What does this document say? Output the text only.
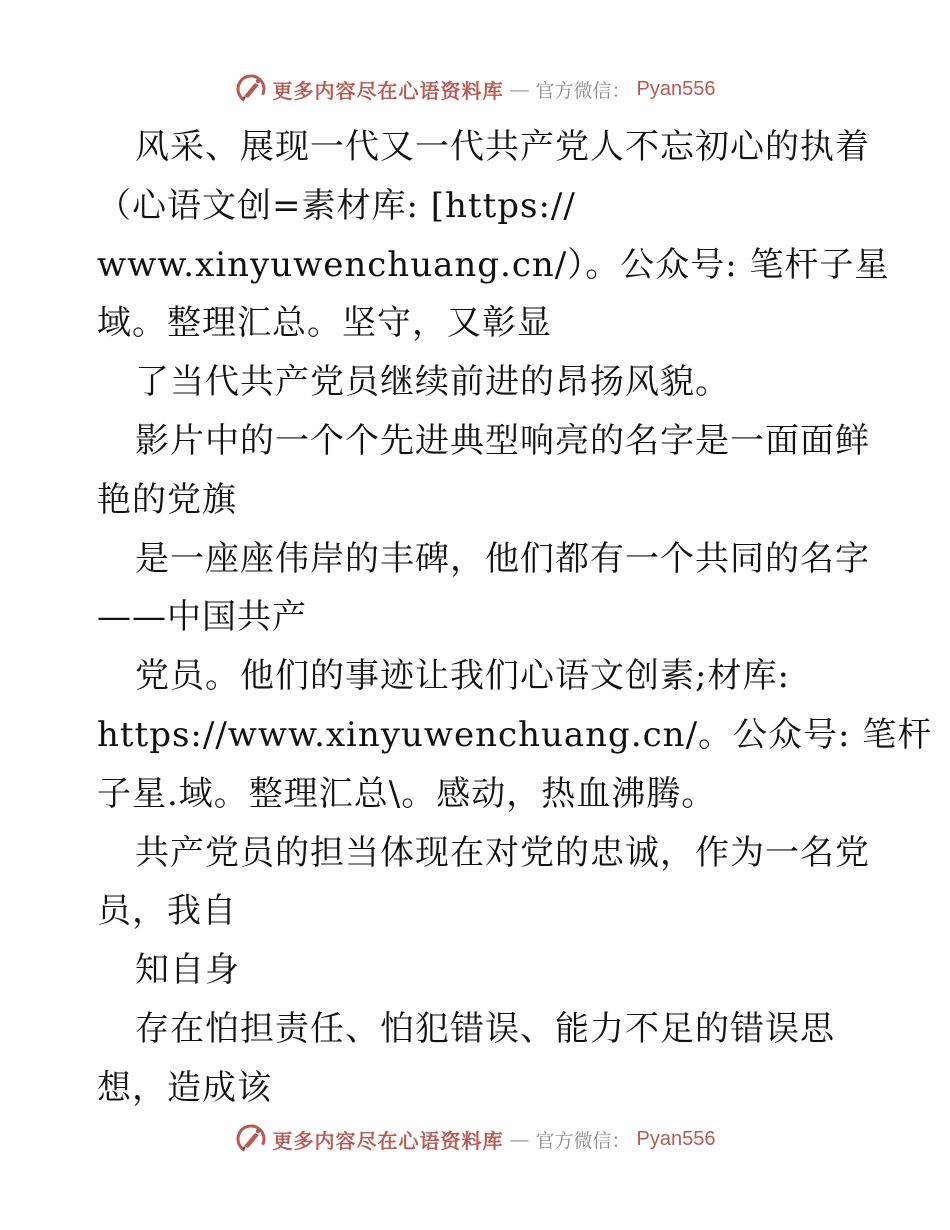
更多内容尽在心语资料库 — 官方微信： Pyan556
风采、展现一代又一代共产党人不忘初心的执着
（心语文创=素材库: [https://
www.xinyuwenchuang.cn/）。公众号: 笔杆子星
域。整理汇总。坚守，又彰显
了当代共产党员继续前进的昂扬风貌。
影片中的一个个先进典型响亮的名字是一面面鲜
艳的党旗
是一座座伟岸的丰碑，他们都有一个共同的名字
——中国共产
党员。他们的事迹让我们心语文创素;材库:
https://www.xinyuwenchuang.cn/。公众号: 笔杆
子星.域。整理汇总\。感动，热血沸腾。
共产党员的担当体现在对党的忠诚，作为一名党
员，我自
知自身
存在怕担责任、怕犯错误、能力不足的错误思
想，造成该
更多内容尽在心语资料库 — 官方微信： Pyan556
